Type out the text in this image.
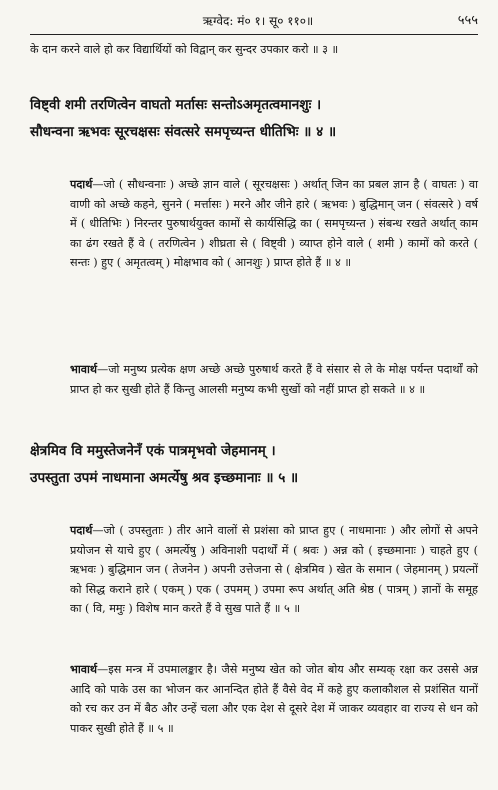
ऋग्वेद: मं० १। सू० ११०॥	५५५

के दान करने वाले हो कर विद्यार्थियों को विद्वान् कर सुन्दर उपकार करो ॥ ३ ॥

विष्ट्वी शमी तरणित्वेन वाघतो मर्तासः सन्तोऽअमृतत्वमानशुः ।

सौधन्वना ऋभवः सूरचक्षसः संवत्सरे समपृच्यन्त धीतिभिः ॥ ४ ॥

पदार्थ—जो ( सौधन्वनाः ) अच्छे ज्ञान वाले ( सूरचक्षसः ) अर्थात् जिन का प्रबल ज्ञान है ( वाघतः ) वा वाणी को अच्छे कहने, सुनने ( मर्त्तासः ) मरने और जीने हारे ( ऋभवः ) बुद्धिमान् जन ( संवत्सरे ) वर्ष में ( धीतिभिः ) निरन्तर पुरुषार्थयुक्त कामों से कार्यसिद्धि का ( समपृच्यन्त ) संबन्ध रखते अर्थात् काम का ढंग रखते हैं वे ( तरणित्वेन ) शीघ्रता से ( विष्ट्वी ) व्याप्त होने वाले ( शमी ) कामों को करते ( सन्तः ) हुए ( अमृतत्वम् ) मोक्षभाव को ( आनशुः ) प्राप्त होते हैं ॥ ४ ॥

भावार्थ—जो मनुष्य प्रत्येक क्षण अच्छे अच्छे पुरुषार्थ करते हैं वे संसार से ले के मोक्ष पर्यन्त पदार्थों को प्राप्त हो कर सुखी होते हैं किन्तु आलसी मनुष्य कभी सुखों को नहीं प्राप्त हो सकते ॥ ४ ॥

क्षेत्रमिव वि ममुस्तेजनेनँ एकं पात्रमृभवो जेहमानम् ।

उपस्तुता उपमं नाधमाना अमर्त्येषु श्रव इच्छमानाः ॥ ५ ॥

पदार्थ—जो ( उपस्तुताः ) तीर आने वालों से प्रशंसा को प्राप्त हुए ( नाधमानाः ) और लोगों से अपने प्रयोजन से याचे हुए ( अमर्त्येषु ) अविनाशी पदार्थों में ( श्रवः ) अन्न को ( इच्छमानाः ) चाहते हुए ( ऋभवः ) बुद्धिमान जन ( तेजनेन ) अपनी उत्तेजना से ( क्षेत्रमिव ) खेत के समान ( जेहमानम् ) प्रयत्नों को सिद्ध कराने हारे ( एकम् ) एक ( उपमम् ) उपमा रूप अर्थात् अति श्रेष्ठ ( पात्रम् ) ज्ञानों के समूह का ( वि, ममुः ) विशेष मान करते हैं वे सुख पाते हैं ॥ ५ ॥

भावार्थ—इस मन्त्र में उपमालङ्कार है। जैसे मनुष्य खेत को जोत बोय और सम्यक् रक्षा कर उससे अन्न आदि को पाके उस का भोजन कर आनन्दित होते हैं वैसे वेद में कहे हुए कलाकौशल से प्रशंसित यानों को रच कर उन में बैठ और उन्हें चला और एक देश से दूसरे देश में जाकर व्यवहार वा राज्य से धन को पाकर सुखी होते हैं ॥ ५ ॥
